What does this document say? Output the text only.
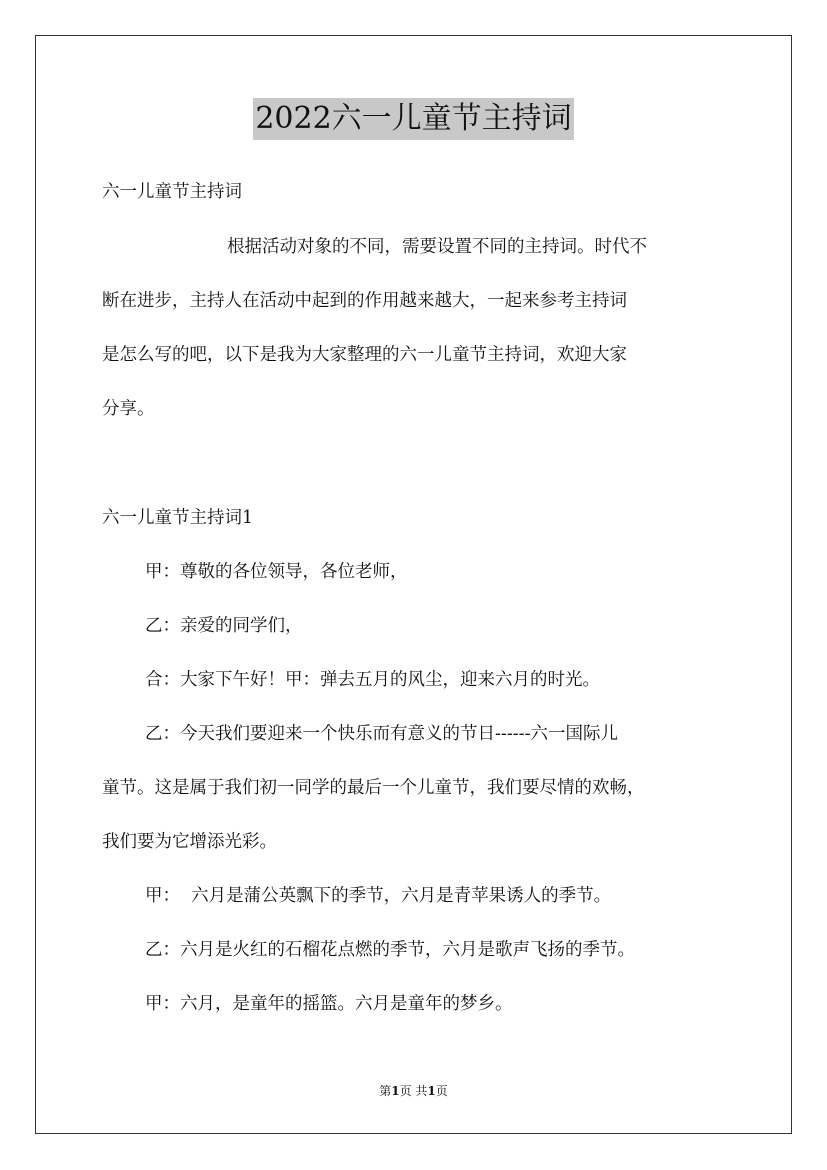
2022六一儿童节主持词
六一儿童节主持词
根据活动对象的不同，需要设置不同的主持词。时代不
断在进步，主持人在活动中起到的作用越来越大，一起来参考主持词
是怎么写的吧，以下是我为大家整理的六一儿童节主持词，欢迎大家
分享。
六一儿童节主持词1
甲：尊敬的各位领导，各位老师，
乙：亲爱的同学们，
合：大家下午好！甲：弹去五月的风尘，迎来六月的时光。
乙：今天我们要迎来一个快乐而有意义的节日------六一国际儿
童节。这是属于我们初一同学的最后一个儿童节，我们要尽情的欢畅，
我们要为它增添光彩。
甲：  六月是蒲公英飘下的季节，六月是青苹果诱人的季节。
乙：六月是火红的石榴花点燃的季节，六月是歌声飞扬的季节。
甲：六月，是童年的摇篮。六月是童年的梦乡。
第1页 共1页
